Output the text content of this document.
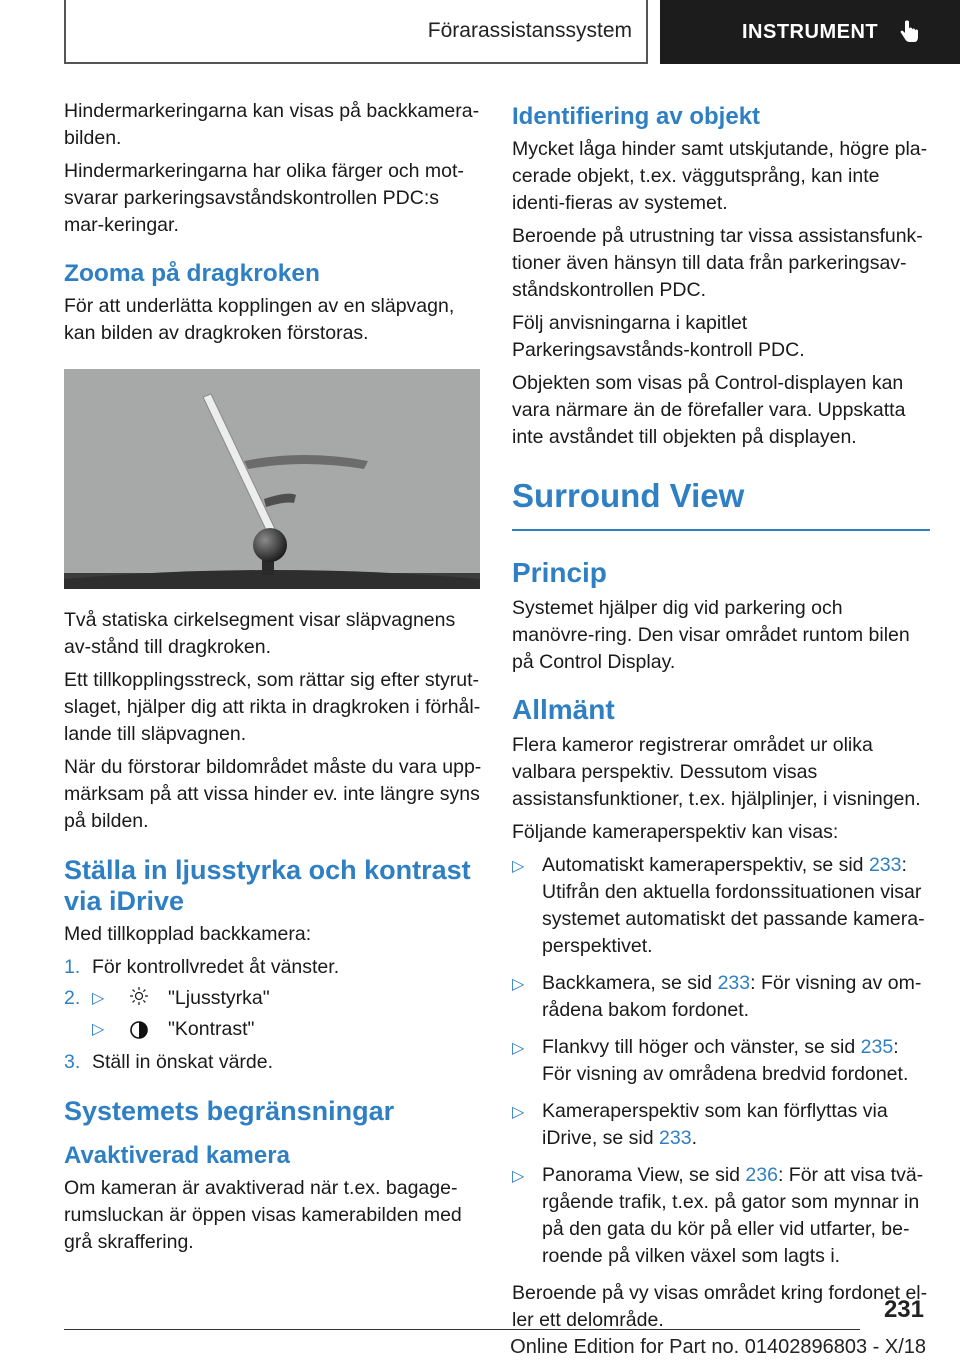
Förarassistanssystem	INSTRUMENT

Hindermarkeringarna kan visas på backkamera-bilden.

Hindermarkeringarna har olika färger och mot-svarar parkeringsavståndskontrollen PDC:s mar-keringar.

Zooma på dragkroken

För att underlätta kopplingen av en släpvagn, kan bilden av dragkroken förstoras.

Två statiska cirkelsegment visar släpvagnens av-stånd till dragkroken.

Ett tillkopplingsstreck, som rättar sig efter styrut-slaget, hjälper dig att rikta in dragkroken i förhål-lande till släpvagnen.

När du förstorar bildområdet måste du vara upp-märksam på att vissa hinder ev. inte längre syns på bilden.

Ställa in ljusstyrka och kontrast via iDrive

Med tillkopplad backkamera:

1. För kontrollvredet åt vänster.
2. ▷	"Ljusstyrka"
▷	"Kontrast"
3. Ställ in önskat värde.
Systemets begränsningar
Avaktiverad kamera

Om kameran är avaktiverad när t.ex. bagage-rumsluckan är öppen visas kamerabilden med grå skraffering.

Identifiering av objekt

Mycket låga hinder samt utskjutande, högre pla-cerade objekt, t.ex. väggutsprång, kan inte identi-fieras av systemet.

Beroende på utrustning tar vissa assistansfunk-tioner även hänsyn till data från parkeringsav-ståndskontrollen PDC.

Följ anvisningarna i kapitlet Parkeringsavstånds-kontroll PDC.

Objekten som visas på Control-displayen kan vara närmare än de förefaller vara. Uppskatta inte avståndet till objekten på displayen.

Surround View
Princip

Systemet hjälper dig vid parkering och manövre-ring. Den visar området runtom bilen på Control Display.

Allmänt

Flera kameror registrerar området ur olika valbara perspektiv. Dessutom visas assistansfunktioner, t.ex. hjälplinjer, i visningen.

Följande kameraperspektiv kan visas:

▷ Automatiskt kameraperspektiv, se sid 233: Utifrån den aktuella fordonssituationen visar systemet automatiskt det passande kamera-perspektivet.
▷ Backkamera, se sid 233: För visning av om-rådena bakom fordonet.
▷ Flankvy till höger och vänster, se sid 235: För visning av områdena bredvid fordonet.
▷ Kameraperspektiv som kan förflyttas via iDrive, se sid 233.
▷ Panorama View, se sid 236: För att visa tvä-rgående trafik, t.ex. på gator som mynnar in på den gata du kör på eller vid utfarter, be-roende på vilken växel som lagts i.

Beroende på vy visas området kring fordonet el-ler ett delområde.	231
Online Edition for Part no. 01402896803 - X/18
